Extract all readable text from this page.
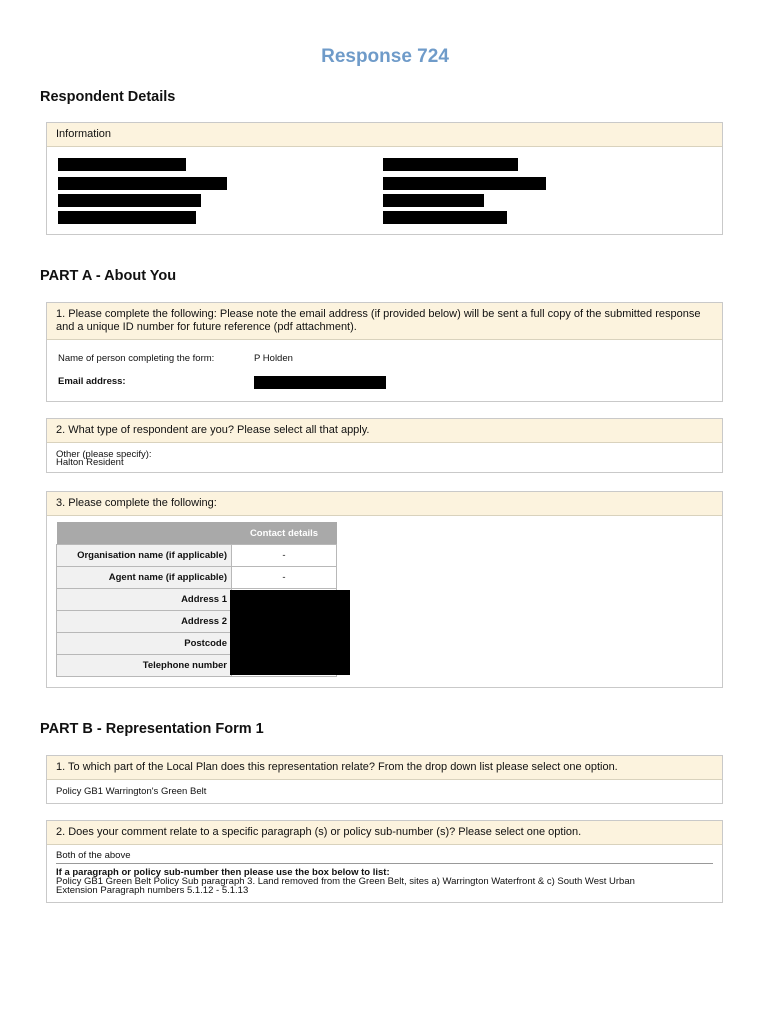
Response 724
Respondent Details
Information
PART A - About You
1. Please complete the following: Please note the email address (if provided below) will be sent a full copy of the submitted response and a unique ID number for future reference (pdf attachment).
Name of person completing the form:	P Holden
Email address:
2. What type of respondent are you? Please select all that apply.
Other (please specify):
Halton Resident
3. Please complete the following:
	Contact details
Organisation name (if applicable)	-
Agent name (if applicable)	-
Address 1	
Address 2	
Postcode	
Telephone number	
PART B - Representation Form 1
1. To which part of the Local Plan does this representation relate? From the drop down list please select one option.
Policy GB1 Warrington's Green Belt
2. Does your comment relate to a specific paragraph (s) or policy sub-number (s)? Please select one option.
Both of the above
If a paragraph or policy sub-number then please use the box below to list:
Policy GB1 Green Belt Policy Sub paragraph 3. Land removed from the Green Belt, sites a) Warrington Waterfront & c) South West Urban
Extension Paragraph numbers 5.1.12 - 5.1.13
